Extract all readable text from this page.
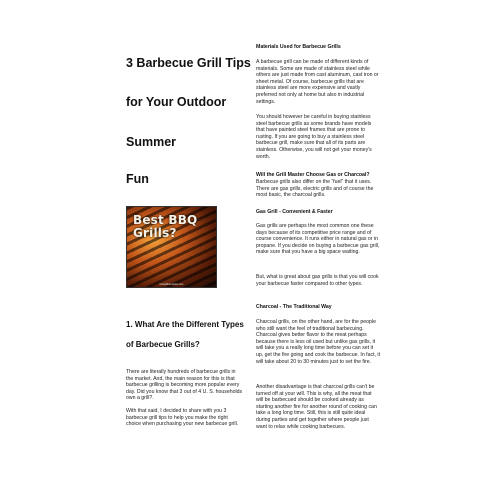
3 Barbecue Grill Tips
for Your Outdoor
Summer
Fun
Best BBQ
Grills?
bestgrillsreviews.com
1. What Are the Different Types
of Barbecue Grills?

There are literally hundreds of barbecue grills in the market. And, the main reason for this is that barbecue grilling is becoming more popular every day. Did you know that 3 out of 4 U. S. households own a grill?.

With that said, I decided to share with you 3 barbecue grill tips to help you make the right choice when purchasing your new barbecue grill.

Materials Used for Barbecue Grills

A barbecue grill can be made of different kinds of materials. Some are made of stainless steel while others are just made from cast aluminum, cast iron or sheet metal. Of course, barbecue grills that are stainless steel are more expensive and vastly preferred not only at home but also in industrial settings.

You should however be careful in buying stainless steel barbecue grills as some brands have models that have painted steel frames that are prone to rusting. If you are going to buy a stainless steel barbecue grill, make sure that all of its parts are stainless. Otherwise, you will not get your money's worth.

Will the Grill Master Choose Gas or Charcoal?

Barbecue grills also differ on the “fuel” that it uses. There are gas grills, electric grills and of course the most basic, the charcoal grills.

Gas Grill - Convenient & Faster

Gas grills are perhaps the most common one these days because of its competitive price range and of course convenience. It runs either in natural gas or in propane. If you decide on buying a barbecue gas grill, make sure that you have a big space waiting.

But, what is great about gas grills is that you will cook your barbecue faster compared to other types.

Charcoal - The Traditional Way

Charcoal grills, on the other hand, are for the people who still want the feel of traditional barbecuing. Charcoal gives better flavor to the meat perhaps because there is less oil used but unlike gas grills, it will take you a really long time before you can set it up, get the fire going and cook the barbecue. In fact, it will take about 20 to 30 minutes just to set the fire.

Another disadvantage is that charcoal grills can't be turned off at your will. This is why, all the meat that will be barbecued should be cooked already as starting another fire for another round of cooking can take a long long time. Still, this is still quite ideal during parties and get together where people just want to relax while cooking barbecues.
